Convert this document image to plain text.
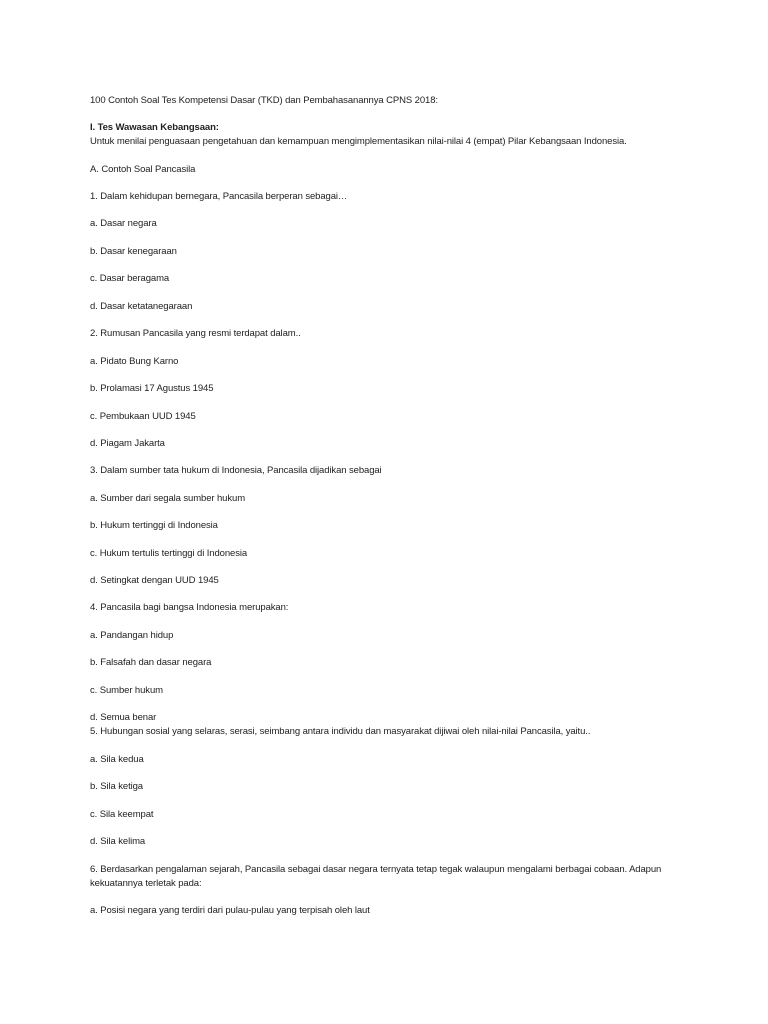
100 Contoh Soal Tes Kompetensi Dasar (TKD) dan Pembahasanannya CPNS 2018:
I. Tes Wawasan Kebangsaan:
Untuk menilai penguasaan pengetahuan dan kemampuan mengimplementasikan nilai-nilai 4 (empat) Pilar Kebangsaan Indonesia.
A. Contoh Soal Pancasila
1. Dalam kehidupan bernegara, Pancasila berperan sebagai…
a. Dasar negara
b. Dasar kenegaraan
c. Dasar beragama
d. Dasar ketatanegaraan
2. Rumusan Pancasila yang resmi terdapat dalam..
a. Pidato Bung Karno
b. Prolamasi 17 Agustus 1945
c. Pembukaan UUD 1945
d. Piagam Jakarta
3. Dalam sumber tata hukum di Indonesia, Pancasila dijadikan sebagai
a. Sumber dari segala sumber hukum
b. Hukum tertinggi di Indonesia
c. Hukum tertulis tertinggi di Indonesia
d. Setingkat dengan UUD 1945
4. Pancasila bagi bangsa Indonesia merupakan:
a. Pandangan hidup
b. Falsafah dan dasar negara
c. Sumber hukum
d. Semua benar
5. Hubungan sosial yang selaras, serasi, seimbang antara individu dan masyarakat dijiwai oleh nilai-nilai Pancasila, yaitu..
a. Sila kedua
b. Sila ketiga
c. Sila keempat
d. Sila kelima
6. Berdasarkan pengalaman sejarah, Pancasila sebagai dasar negara ternyata tetap tegak walaupun mengalami berbagai cobaan. Adapun
kekuatannya terletak pada:
a. Posisi negara yang terdiri dari pulau-pulau yang terpisah oleh laut
